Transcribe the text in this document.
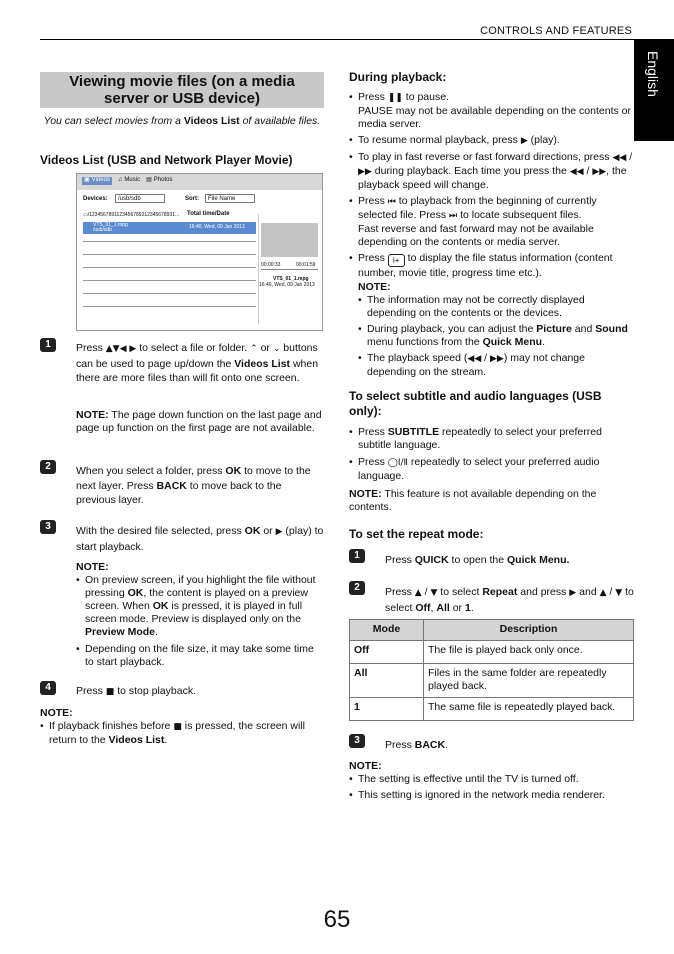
CONTROLS AND FEATURES
English
Viewing movie files (on a media
server or USB device)
You can select movies from a Videos List of available files.
Videos List (USB and Network Player Movie)
▣ Videos ♫ Music ▤ Photos
Devices:	/usb/sdb	Sort:	File Name
▭/1234567891123456789212345678931... Total time/Date
VTS_01_1.mpg
/usb/sdb	16:40, Wed, 09 Jan 2013
00:00:33	00:01:59
VTS_01_1.mpg
16:40, Wed, 09 Jan 2013
1	Press ▲▼◀ ▶ to select a file or folder. ⌃ or ⌄ buttons can be used to page up/down the Videos List when there are more files than will fit onto one screen.
NOTE: The page down function on the last page and page up function on the first page are not available.
2	When you select a folder, press OK to move to the next layer. Press BACK to move back to the previous layer.
3	With the desired file selected, press OK or ▶ (play) to start playback.
NOTE:
• On preview screen, if you highlight the file without pressing OK, the content is played on a preview screen. When OK is pressed, it is played in full screen mode. Preview is displayed only on the Preview Mode.
• Depending on the file size, it may take some time to start playback.
4	Press ■ to stop playback.
NOTE:
• If playback finishes before ■ is pressed, the screen will return to the Videos List.
During playback:
• Press ❚❚ to pause.
PAUSE may not be available depending on the contents or media server.
• To resume normal playback, press ▶ (play).
• To play in fast reverse or fast forward directions, press ◀◀ / ▶▶ during playback. Each time you press the ◀◀ / ▶▶, the playback speed will change.
• Press ⏮ to playback from the beginning of currently selected file. Press ⏭ to locate subsequent files.
Fast reverse and fast forward may not be available depending on the contents or media server.
• Press i+ to display the file status information (content number, movie title, progress time etc.).
NOTE:
• The information may not be correctly displayed depending on the contents or the devices.
• During playback, you can adjust the Picture and Sound menu functions from the Quick Menu.
• The playback speed (◀◀ / ▶▶) may not change depending on the stream.
To select subtitle and audio languages (USB only):
• Press SUBTITLE repeatedly to select your preferred subtitle language.
• Press ◯Ⅰ/Ⅱ repeatedly to select your preferred audio language.
NOTE: This feature is not available depending on the contents.
To set the repeat mode:
1	Press QUICK to open the Quick Menu.
2	Press ▲ / ▼ to select Repeat and press ▶ and ▲ / ▼ to select Off, All or 1.
Mode	Description
Off	The file is played back only once.
All	Files in the same folder are repeatedly played back.
1	The same file is repeatedly played back.
3	Press BACK.
NOTE:
• The setting is effective until the TV is turned off.
• This setting is ignored in the network media renderer.
65
